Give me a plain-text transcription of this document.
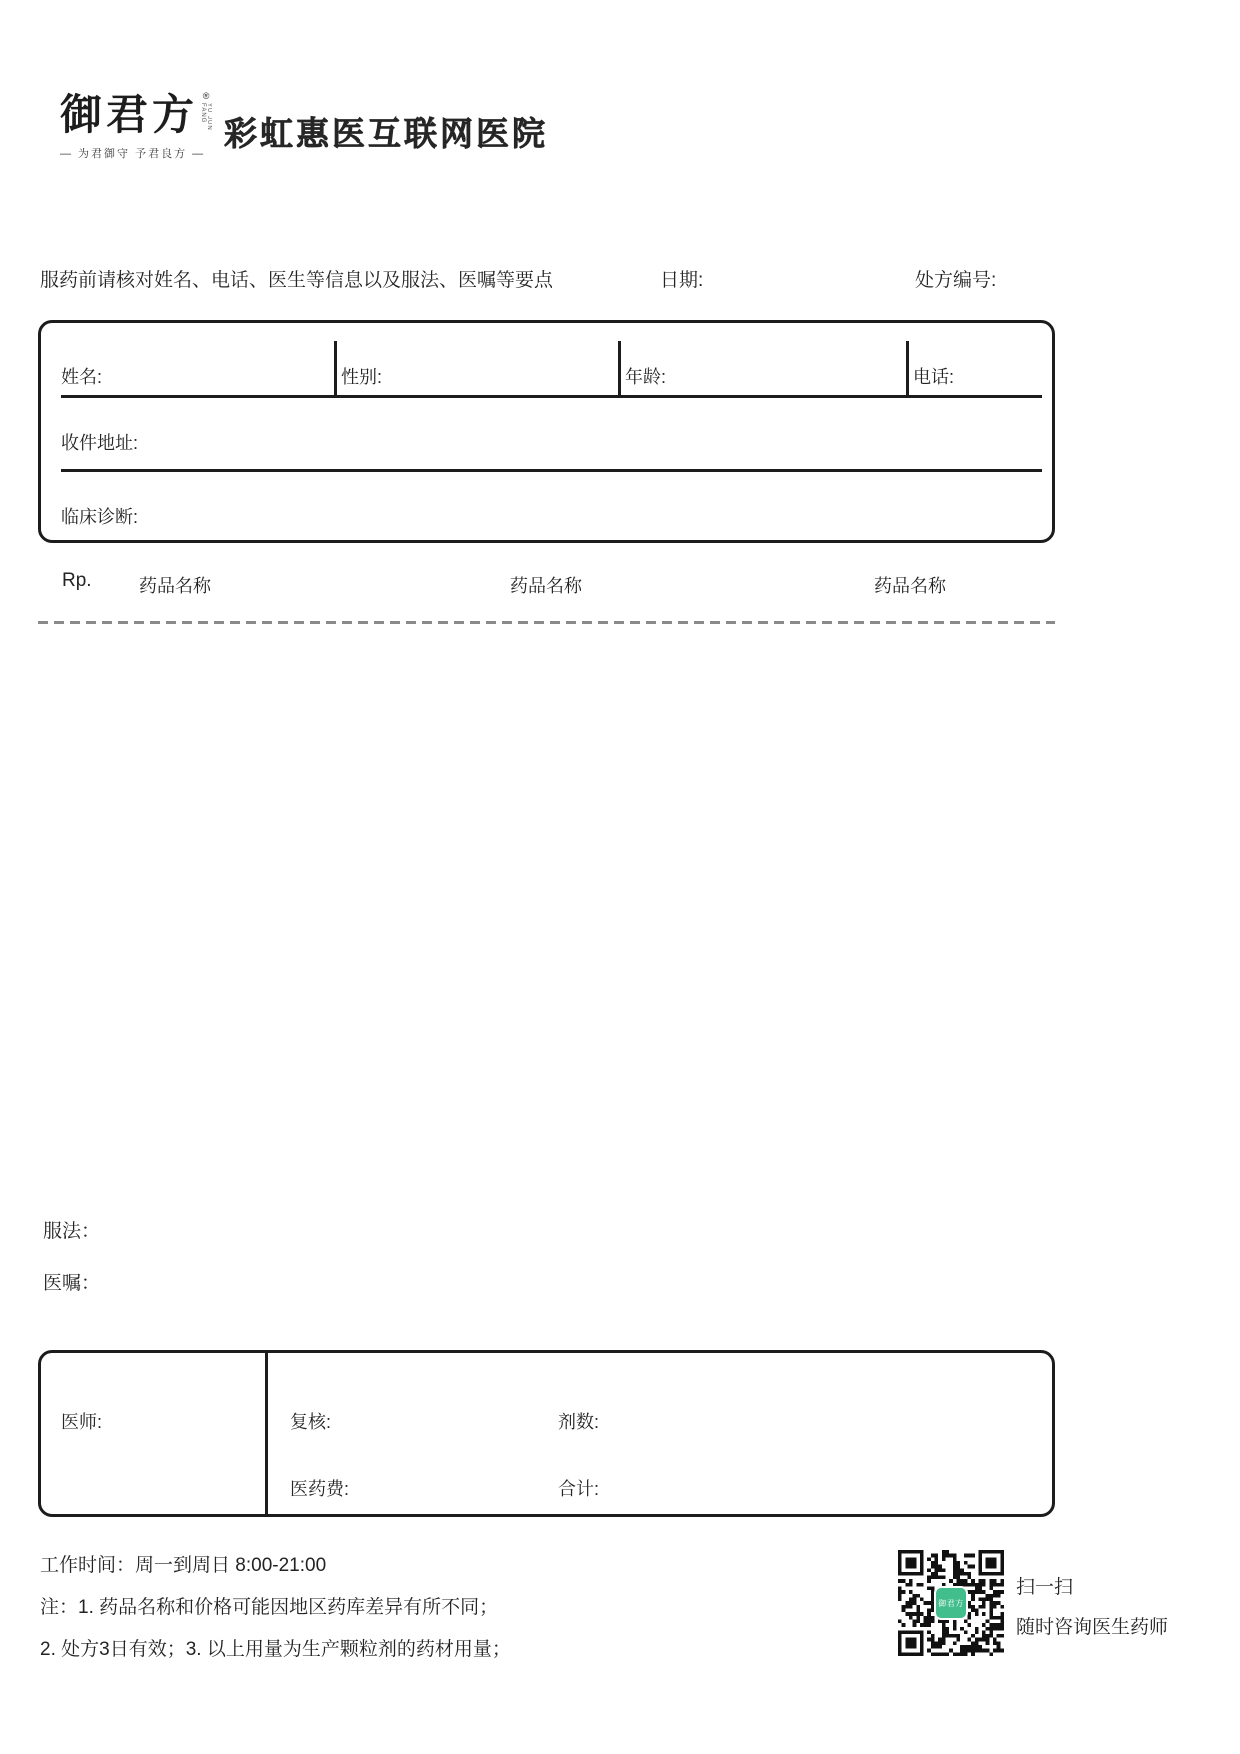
御君方 ®
YU JUN FANG
— 为君御守 予君良方 —
彩虹惠医互联网医院
服药前请核对姓名、电话、医生等信息以及服法、医嘱等要点	日期:	处方编号:
姓名:	性别:	年龄:	电话:
收件地址:
临床诊断:
Rp.	药品名称	药品名称	药品名称
服法：
医嘱：
医师:	复核:	剂数:
医药费:	合计:
工作时间：周一到周日 8:00-21:00
注：1. 药品名称和价格可能因地区药库差异有所不同；
2. 处方3日有效；3. 以上用量为生产颗粒剂的药材用量；
御君方
扫一扫
随时咨询医生药师
